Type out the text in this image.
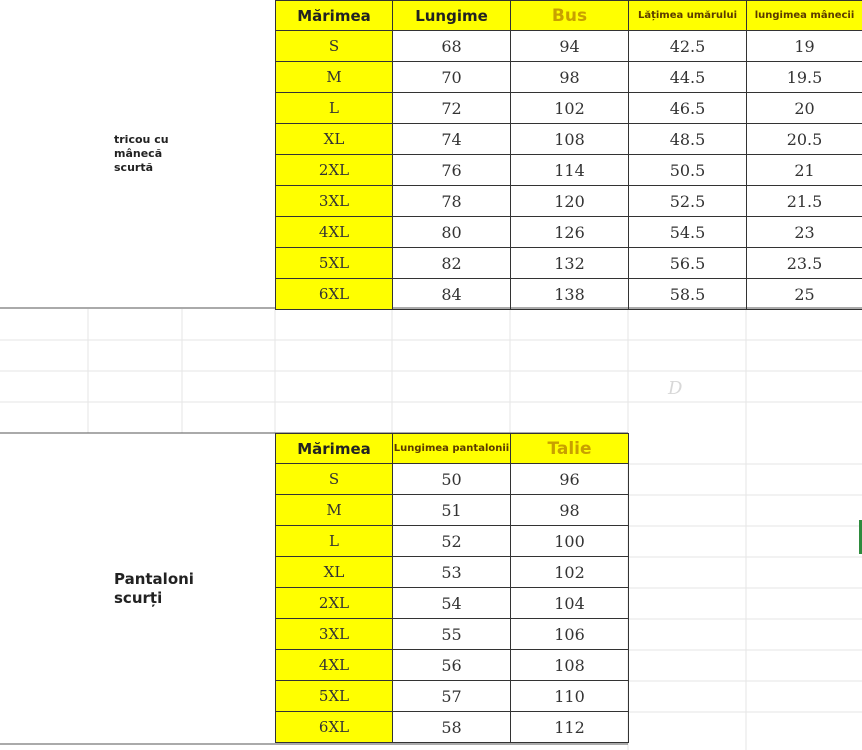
tricou cu mânecă scurtă
Pantaloni scurți
D
Mărimea	Lungime	Bus	Lățimea umărului	lungimea mânecii
S	68	94	42.5	19
M	70	98	44.5	19.5
L	72	102	46.5	20
XL	74	108	48.5	20.5
2XL	76	114	50.5	21
3XL	78	120	52.5	21.5
4XL	80	126	54.5	23
5XL	82	132	56.5	23.5
6XL	84	138	58.5	25
Mărimea	Lungimea pantalonii	Talie
S	50	96
M	51	98
L	52	100
XL	53	102
2XL	54	104
3XL	55	106
4XL	56	108
5XL	57	110
6XL	58	112
